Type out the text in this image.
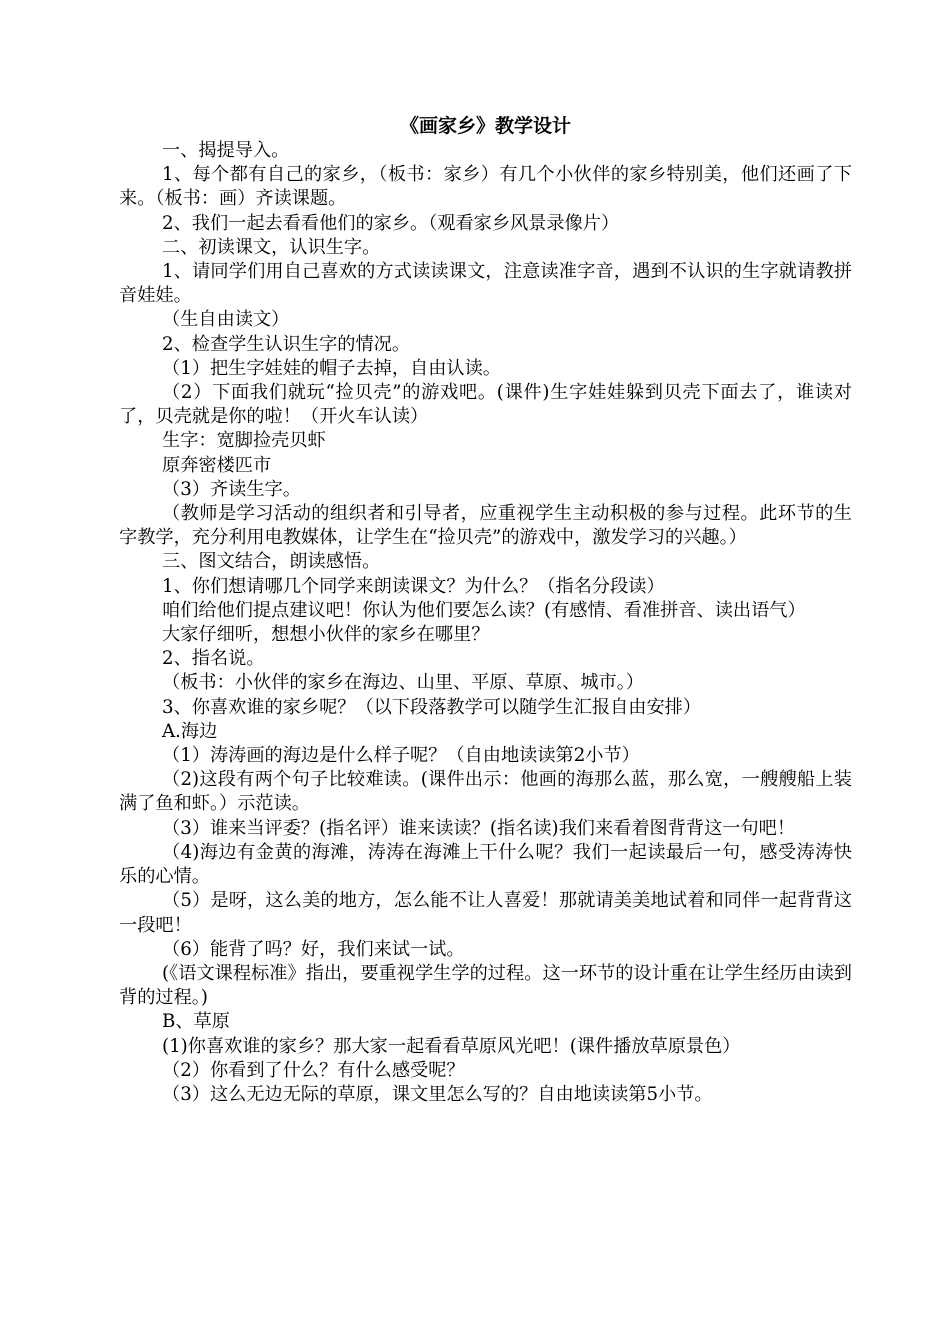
《画家乡》教学设计

一、揭提导入。

1、每个都有自己的家乡，（板书：家乡）有几个小伙伴的家乡特别美，他们还画了下来。（板书：画）齐读课题。

2、我们一起去看看他们的家乡。（观看家乡风景录像片）

二、初读课文，认识生字。

1、请同学们用自己喜欢的方式读读课文，注意读准字音，遇到不认识的生字就请教拼音娃娃。

（生自由读文）

2、检查学生认识生字的情况。

（1）把生字娃娃的帽子去掉，自由认读。

（2）下面我们就玩“捡贝壳”的游戏吧。(课件)生字娃娃躲到贝壳下面去了，谁读对了，贝壳就是你的啦！（开火车认读）

生字：宽脚捡壳贝虾

原奔密楼匹市

（3）齐读生字。

（教师是学习活动的组织者和引导者，应重视学生主动积极的参与过程。此环节的生字教学，充分利用电教媒体，让学生在“捡贝壳”的游戏中，激发学习的兴趣。）

三、图文结合，朗读感悟。

1、你们想请哪几个同学来朗读课文？为什么？（指名分段读）

咱们给他们提点建议吧！你认为他们要怎么读？(有感情、看准拼音、读出语气）

大家仔细听，想想小伙伴的家乡在哪里？

2、指名说。

（板书：小伙伴的家乡在海边、山里、平原、草原、城市。）

3、你喜欢谁的家乡呢？（以下段落教学可以随学生汇报自由安排）

A.海边

（1）涛涛画的海边是什么样子呢？（自由地读读第2小节）

（2)这段有两个句子比较难读。(课件出示：他画的海那么蓝，那么宽，一艘艘船上装满了鱼和虾。）示范读。

（3）谁来当评委？(指名评）谁来读读？(指名读)我们来看着图背背这一句吧！

（4)海边有金黄的海滩，涛涛在海滩上干什么呢？我们一起读最后一句，感受涛涛快乐的心情。

（5）是呀，这么美的地方，怎么能不让人喜爱！那就请美美地试着和同伴一起背背这一段吧！

（6）能背了吗？好，我们来试一试。

(《语文课程标准》指出，要重视学生学的过程。这一环节的设计重在让学生经历由读到背的过程。)

B、草原

(1)你喜欢谁的家乡？那大家一起看看草原风光吧！(课件播放草原景色）

（2）你看到了什么？有什么感受呢？

（3）这么无边无际的草原，课文里怎么写的？自由地读读第5小节。
